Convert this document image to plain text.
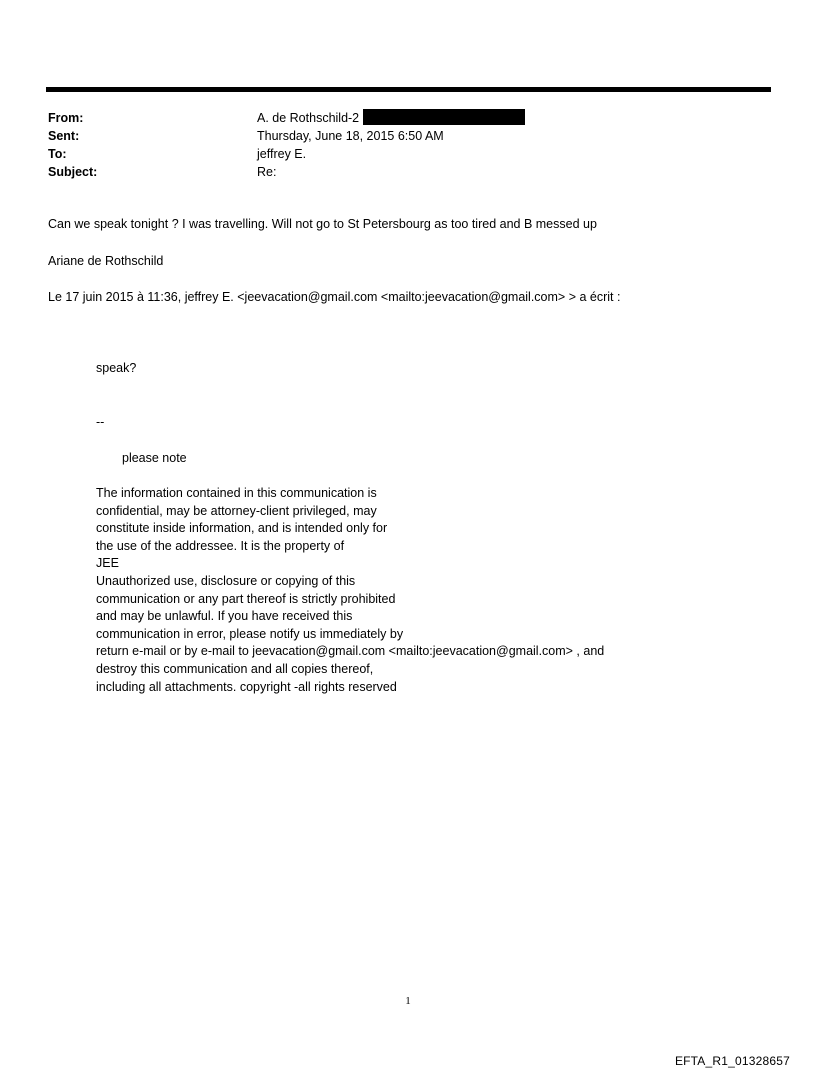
From:	A. de Rothschild-2
Sent:	Thursday, June 18, 2015 6:50 AM
To:	jeffrey E.
Subject:	Re:
Can we speak tonight ? I was travelling. Will not go to St Petersbourg as too tired and B messed up
Ariane de Rothschild
Le 17 juin 2015 à 11:36, jeffrey E. <jeevacation@gmail.com <mailto:jeevacation@gmail.com> > a écrit :
speak?
--
please note
The information contained in this communication is
confidential, may be attorney-client privileged, may
constitute inside information, and is intended only for
the use of the addressee. It is the property of
JEE
Unauthorized use, disclosure or copying of this
communication or any part thereof is strictly prohibited
and may be unlawful. If you have received this
communication in error, please notify us immediately by
return e-mail or by e-mail to jeevacation@gmail.com <mailto:jeevacation@gmail.com> , and
destroy this communication and all copies thereof,
including all attachments. copyright -all rights reserved
1
EFTA_R1_01328657
